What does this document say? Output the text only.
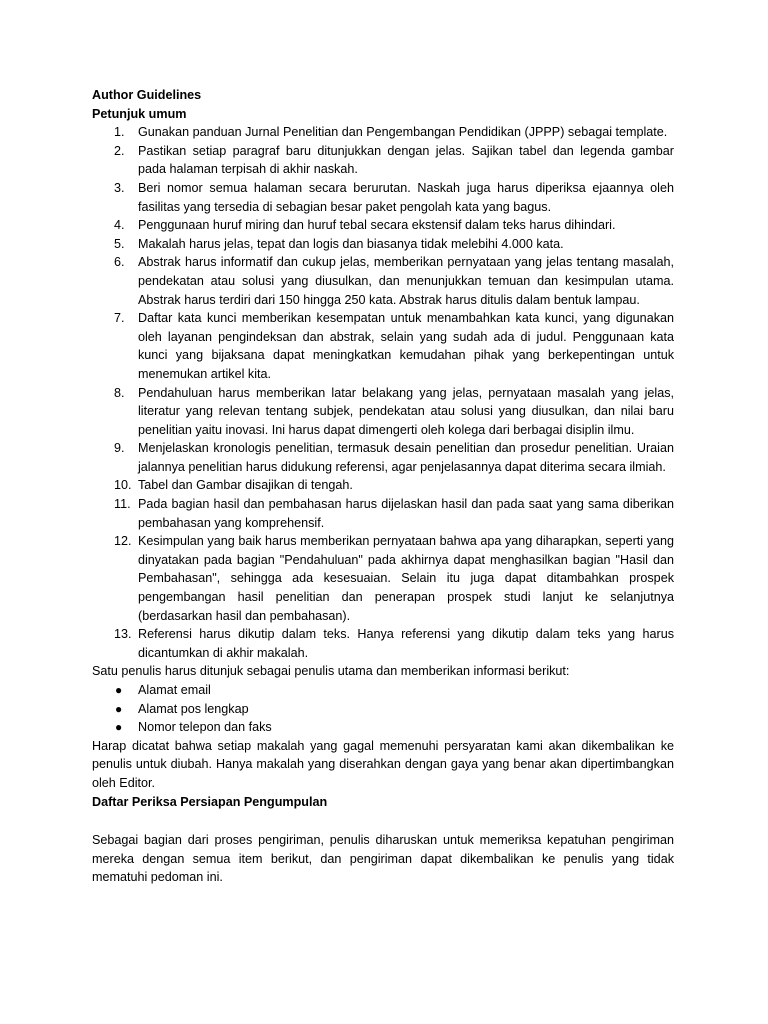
Author Guidelines

Petunjuk umum

1. Gunakan panduan Jurnal Penelitian dan Pengembangan Pendidikan (JPPP) sebagai template.
2. Pastikan setiap paragraf baru ditunjukkan dengan jelas. Sajikan tabel dan legenda gambar pada halaman terpisah di akhir naskah.
3. Beri nomor semua halaman secara berurutan. Naskah juga harus diperiksa ejaannya oleh fasilitas yang tersedia di sebagian besar paket pengolah kata yang bagus.
4. Penggunaan huruf miring dan huruf tebal secara ekstensif dalam teks harus dihindari.
5. Makalah harus jelas, tepat dan logis dan biasanya tidak melebihi 4.000 kata.
6. Abstrak harus informatif dan cukup jelas, memberikan pernyataan yang jelas tentang masalah, pendekatan atau solusi yang diusulkan, dan menunjukkan temuan dan kesimpulan utama. Abstrak harus terdiri dari 150 hingga 250 kata. Abstrak harus ditulis dalam bentuk lampau.
7. Daftar kata kunci memberikan kesempatan untuk menambahkan kata kunci, yang digunakan oleh layanan pengindeksan dan abstrak, selain yang sudah ada di judul. Penggunaan kata kunci yang bijaksana dapat meningkatkan kemudahan pihak yang berkepentingan untuk menemukan artikel kita.
8. Pendahuluan harus memberikan latar belakang yang jelas, pernyataan masalah yang jelas, literatur yang relevan tentang subjek, pendekatan atau solusi yang diusulkan, dan nilai baru penelitian yaitu inovasi. Ini harus dapat dimengerti oleh kolega dari berbagai disiplin ilmu.
9. Menjelaskan kronologis penelitian, termasuk desain penelitian dan prosedur penelitian. Uraian jalannya penelitian harus didukung referensi, agar penjelasannya dapat diterima secara ilmiah.
10. Tabel dan Gambar disajikan di tengah.
11. Pada bagian hasil dan pembahasan harus dijelaskan hasil dan pada saat yang sama diberikan pembahasan yang komprehensif.
12. Kesimpulan yang baik harus memberikan pernyataan bahwa apa yang diharapkan, seperti yang dinyatakan pada bagian "Pendahuluan" pada akhirnya dapat menghasilkan bagian "Hasil dan Pembahasan", sehingga ada kesesuaian. Selain itu juga dapat ditambahkan prospek pengembangan hasil penelitian dan penerapan prospek studi lanjut ke selanjutnya (berdasarkan hasil dan pembahasan).
13. Referensi harus dikutip dalam teks. Hanya referensi yang dikutip dalam teks yang harus dicantumkan di akhir makalah.

Satu penulis harus ditunjuk sebagai penulis utama dan memberikan informasi berikut:

● Alamat email
● Alamat pos lengkap
● Nomor telepon dan faks

Harap dicatat bahwa setiap makalah yang gagal memenuhi persyaratan kami akan dikembalikan ke penulis untuk diubah. Hanya makalah yang diserahkan dengan gaya yang benar akan dipertimbangkan oleh Editor.

Daftar Periksa Persiapan Pengumpulan

Sebagai bagian dari proses pengiriman, penulis diharuskan untuk memeriksa kepatuhan pengiriman mereka dengan semua item berikut, dan pengiriman dapat dikembalikan ke penulis yang tidak mematuhi pedoman ini.
